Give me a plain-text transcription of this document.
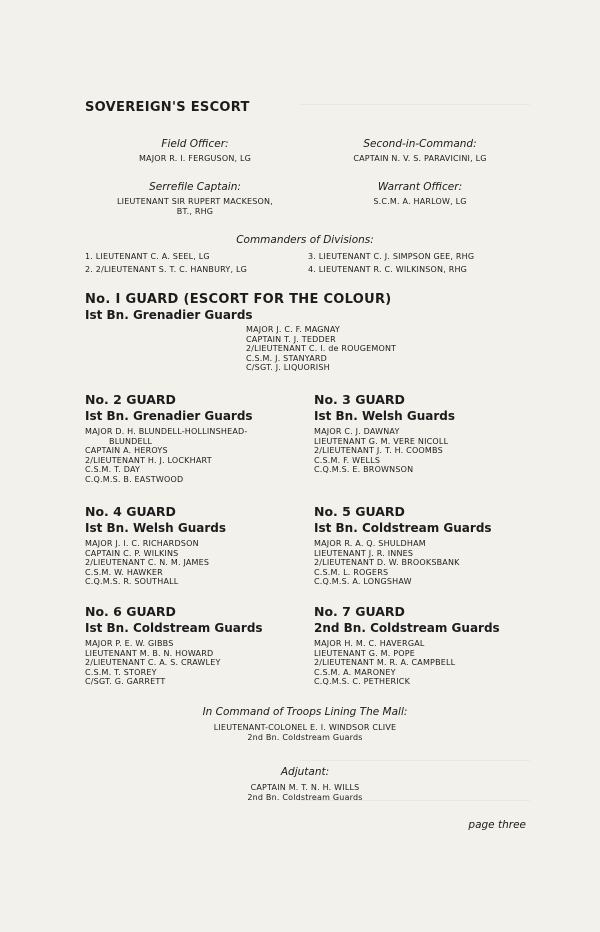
SOVEREIGN'S ESCORT
Field Officer:
MAJOR R. I. FERGUSON, LG
Second-in-Command:
CAPTAIN N. V. S. PARAVICINI, LG
Serrefile Captain:
LIEUTENANT SIR RUPERT MACKESON,
BT., RHG
Warrant Officer:
S.C.M. A. HARLOW, LG
Commanders of Divisions:
1. LIEUTENANT C. A. SEEL, LG
2. 2/LIEUTENANT S. T. C. HANBURY, LG
3. LIEUTENANT C. J. SIMPSON GEE, RHG
4. LIEUTENANT R. C. WILKINSON, RHG
No. I GUARD (ESCORT FOR THE COLOUR)
Ist Bn. Grenadier Guards
MAJOR J. C. F. MAGNAY
CAPTAIN T. J. TEDDER
2/LIEUTENANT C. I. de ROUGEMONT
C.S.M. J. STANYARD
C/SGT. J. LIQUORISH
No. 2 GUARD
Ist Bn. Grenadier Guards
MAJOR D. H. BLUNDELL-HOLLINSHEAD-
BLUNDELL
CAPTAIN A. HEROYS
2/LIEUTENANT H. J. LOCKHART
C.S.M. T. DAY
C.Q.M.S. B. EASTWOOD
No. 3 GUARD
Ist Bn. Welsh Guards
MAJOR C. J. DAWNAY
LIEUTENANT G. M. VERE NICOLL
2/LIEUTENANT J. T. H. COOMBS
C.S.M. F. WELLS
C.Q.M.S. E. BROWNSON
No. 4 GUARD
Ist Bn. Welsh Guards
MAJOR J. I. C. RICHARDSON
CAPTAIN C. P. WILKINS
2/LIEUTENANT C. N. M. JAMES
C.S.M. W. HAWKER
C.Q.M.S. R. SOUTHALL
No. 5 GUARD
Ist Bn. Coldstream Guards
MAJOR R. A. Q. SHULDHAM
LIEUTENANT J. R. INNES
2/LIEUTENANT D. W. BROOKSBANK
C.S.M. L. ROGERS
C.Q.M.S. A. LONGSHAW
No. 6 GUARD
Ist Bn. Coldstream Guards
MAJOR P. E. W. GIBBS
LIEUTENANT M. B. N. HOWARD
2/LIEUTENANT C. A. S. CRAWLEY
C.S.M. T. STOREY
C/SGT. G. GARRETT
No. 7 GUARD
2nd Bn. Coldstream Guards
MAJOR H. M. C. HAVERGAL
LIEUTENANT G. M. POPE
2/LIEUTENANT M. R. A. CAMPBELL
C.S.M. A. MARONEY
C.Q.M.S. C. PETHERICK
In Command of Troops Lining The Mall:
LIEUTENANT-COLONEL E. I. WINDSOR CLIVE
2nd Bn. Coldstream Guards
Adjutant:
CAPTAIN M. T. N. H. WILLS
2nd Bn. Coldstream Guards
page three
